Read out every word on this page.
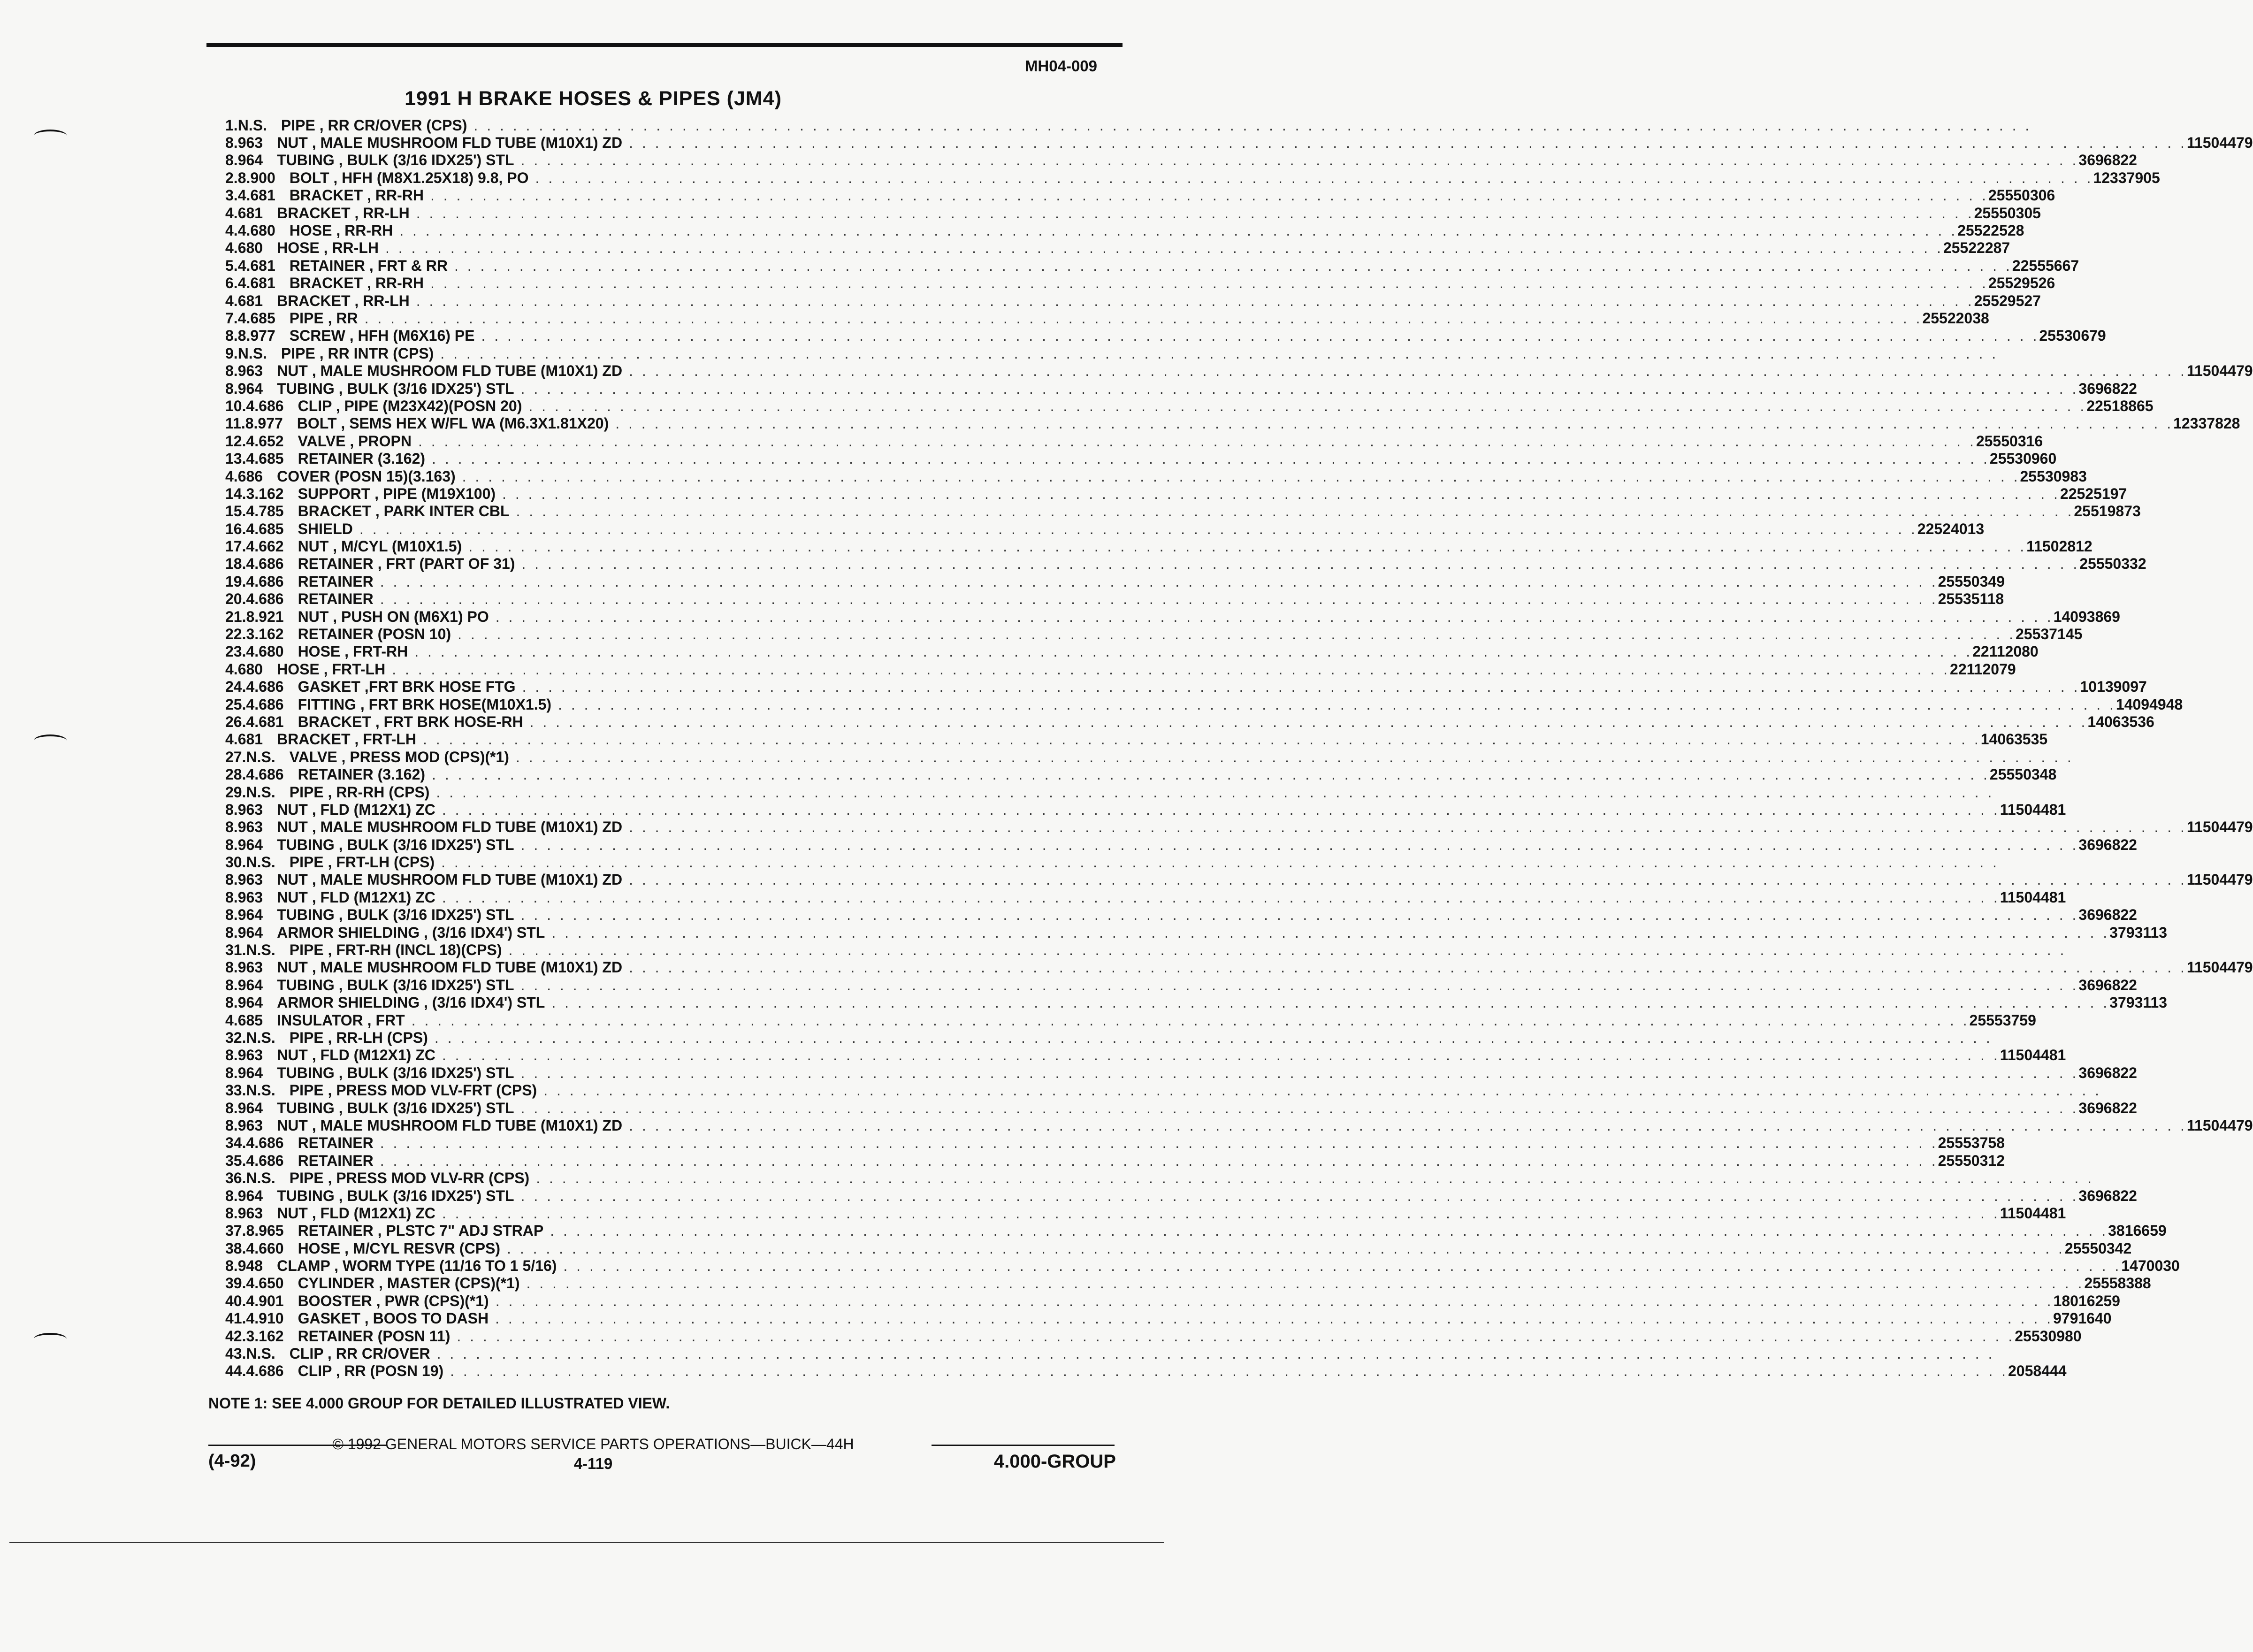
MH04-009
1991 H BRAKE HOSES & PIPES (JM4)
1. N.S. PIPE , RR CR/OVER (CPS) . . . . . . . . . . . . . . . . . . . . . . . . . . . . . . . . . . . . . . . . . . . . . . . . . . . . . . . . . . . . . . . . . . . . . . . . . . . . . . . . . . . . . . . . . . . . . . . . . . . . . . . . . . . . . . . . . . . . . . . .
8.963 NUT , MALE MUSHROOM FLD TUBE (M10X1) ZD . . . . . . . . . . . . . . . . . . . . . . . . . . . . . . . . . . . . . . . . . . . . . . . . . . . . . . . . . . . . . . . . . . . . . . . . . . . . . . . . . . . . . . . . . . . . . . . . . . . . . . . . . . . . . . . . . . . . . . . . 11504479
8.964 TUBING , BULK (3/16 IDX25') STL . . . . . . . . . . . . . . . . . . . . . . . . . . . . . . . . . . . . . . . . . . . . . . . . . . . . . . . . . . . . . . . . . . . . . . . . . . . . . . . . . . . . . . . . . . . . . . . . . . . . . . . . . . . . . . . . . . . . . . . . 3696822
2. 8.900 BOLT , HFH (M8X1.25X18) 9.8, PO . . . . . . . . . . . . . . . . . . . . . . . . . . . . . . . . . . . . . . . . . . . . . . . . . . . . . . . . . . . . . . . . . . . . . . . . . . . . . . . . . . . . . . . . . . . . . . . . . . . . . . . . . . . . . . . . . . . . . . . . 12337905
3. 4.681 BRACKET , RR-RH . . . . . . . . . . . . . . . . . . . . . . . . . . . . . . . . . . . . . . . . . . . . . . . . . . . . . . . . . . . . . . . . . . . . . . . . . . . . . . . . . . . . . . . . . . . . . . . . . . . . . . . . . . . . . . . . . . . . . . . . 25550306
4.681 BRACKET , RR-LH . . . . . . . . . . . . . . . . . . . . . . . . . . . . . . . . . . . . . . . . . . . . . . . . . . . . . . . . . . . . . . . . . . . . . . . . . . . . . . . . . . . . . . . . . . . . . . . . . . . . . . . . . . . . . . . . . . . . . . . . 25550305
4. 4.680 HOSE , RR-RH . . . . . . . . . . . . . . . . . . . . . . . . . . . . . . . . . . . . . . . . . . . . . . . . . . . . . . . . . . . . . . . . . . . . . . . . . . . . . . . . . . . . . . . . . . . . . . . . . . . . . . . . . . . . . . . . . . . . . . . . 25522528
4.680 HOSE , RR-LH . . . . . . . . . . . . . . . . . . . . . . . . . . . . . . . . . . . . . . . . . . . . . . . . . . . . . . . . . . . . . . . . . . . . . . . . . . . . . . . . . . . . . . . . . . . . . . . . . . . . . . . . . . . . . . . . . . . . . . . . 25522287
5. 4.681 RETAINER , FRT & RR . . . . . . . . . . . . . . . . . . . . . . . . . . . . . . . . . . . . . . . . . . . . . . . . . . . . . . . . . . . . . . . . . . . . . . . . . . . . . . . . . . . . . . . . . . . . . . . . . . . . . . . . . . . . . . . . . . . . . . . . 22555667
6. 4.681 BRACKET , RR-RH . . . . . . . . . . . . . . . . . . . . . . . . . . . . . . . . . . . . . . . . . . . . . . . . . . . . . . . . . . . . . . . . . . . . . . . . . . . . . . . . . . . . . . . . . . . . . . . . . . . . . . . . . . . . . . . . . . . . . . . . 25529526
4.681 BRACKET , RR-LH . . . . . . . . . . . . . . . . . . . . . . . . . . . . . . . . . . . . . . . . . . . . . . . . . . . . . . . . . . . . . . . . . . . . . . . . . . . . . . . . . . . . . . . . . . . . . . . . . . . . . . . . . . . . . . . . . . . . . . . . 25529527
7. 4.685 PIPE , RR . . . . . . . . . . . . . . . . . . . . . . . . . . . . . . . . . . . . . . . . . . . . . . . . . . . . . . . . . . . . . . . . . . . . . . . . . . . . . . . . . . . . . . . . . . . . . . . . . . . . . . . . . . . . . . . . . . . . . . . . 25522038
8. 8.977 SCREW , HFH (M6X16) PE . . . . . . . . . . . . . . . . . . . . . . . . . . . . . . . . . . . . . . . . . . . . . . . . . . . . . . . . . . . . . . . . . . . . . . . . . . . . . . . . . . . . . . . . . . . . . . . . . . . . . . . . . . . . . . . . . . . . . . . . 25530679
9. N.S. PIPE , RR INTR (CPS) . . . . . . . . . . . . . . . . . . . . . . . . . . . . . . . . . . . . . . . . . . . . . . . . . . . . . . . . . . . . . . . . . . . . . . . . . . . . . . . . . . . . . . . . . . . . . . . . . . . . . . . . . . . . . . . . . . . . . . . .
8.963 NUT , MALE MUSHROOM FLD TUBE (M10X1) ZD . . . . . . . . . . . . . . . . . . . . . . . . . . . . . . . . . . . . . . . . . . . . . . . . . . . . . . . . . . . . . . . . . . . . . . . . . . . . . . . . . . . . . . . . . . . . . . . . . . . . . . . . . . . . . . . . . . . . . . . . 11504479
8.964 TUBING , BULK (3/16 IDX25') STL . . . . . . . . . . . . . . . . . . . . . . . . . . . . . . . . . . . . . . . . . . . . . . . . . . . . . . . . . . . . . . . . . . . . . . . . . . . . . . . . . . . . . . . . . . . . . . . . . . . . . . . . . . . . . . . . . . . . . . . . 3696822
10. 4.686 CLIP , PIPE (M23X42)(POSN 20) . . . . . . . . . . . . . . . . . . . . . . . . . . . . . . . . . . . . . . . . . . . . . . . . . . . . . . . . . . . . . . . . . . . . . . . . . . . . . . . . . . . . . . . . . . . . . . . . . . . . . . . . . . . . . . . . . . . . . . . . 22518865
11. 8.977 BOLT , SEMS HEX W/FL WA (M6.3X1.81X20) . . . . . . . . . . . . . . . . . . . . . . . . . . . . . . . . . . . . . . . . . . . . . . . . . . . . . . . . . . . . . . . . . . . . . . . . . . . . . . . . . . . . . . . . . . . . . . . . . . . . . . . . . . . . . . . . . . . . . . . . 12337828
12. 4.652 VALVE , PROPN . . . . . . . . . . . . . . . . . . . . . . . . . . . . . . . . . . . . . . . . . . . . . . . . . . . . . . . . . . . . . . . . . . . . . . . . . . . . . . . . . . . . . . . . . . . . . . . . . . . . . . . . . . . . . . . . . . . . . . . . 25550316
13. 4.685 RETAINER (3.162) . . . . . . . . . . . . . . . . . . . . . . . . . . . . . . . . . . . . . . . . . . . . . . . . . . . . . . . . . . . . . . . . . . . . . . . . . . . . . . . . . . . . . . . . . . . . . . . . . . . . . . . . . . . . . . . . . . . . . . . . 25530960
4.686 COVER (POSN 15)(3.163) . . . . . . . . . . . . . . . . . . . . . . . . . . . . . . . . . . . . . . . . . . . . . . . . . . . . . . . . . . . . . . . . . . . . . . . . . . . . . . . . . . . . . . . . . . . . . . . . . . . . . . . . . . . . . . . . . . . . . . . . 25530983
14. 3.162 SUPPORT , PIPE (M19X100) . . . . . . . . . . . . . . . . . . . . . . . . . . . . . . . . . . . . . . . . . . . . . . . . . . . . . . . . . . . . . . . . . . . . . . . . . . . . . . . . . . . . . . . . . . . . . . . . . . . . . . . . . . . . . . . . . . . . . . . . 22525197
15. 4.785 BRACKET , PARK INTER CBL . . . . . . . . . . . . . . . . . . . . . . . . . . . . . . . . . . . . . . . . . . . . . . . . . . . . . . . . . . . . . . . . . . . . . . . . . . . . . . . . . . . . . . . . . . . . . . . . . . . . . . . . . . . . . . . . . . . . . . . . 25519873
16. 4.685 SHIELD . . . . . . . . . . . . . . . . . . . . . . . . . . . . . . . . . . . . . . . . . . . . . . . . . . . . . . . . . . . . . . . . . . . . . . . . . . . . . . . . . . . . . . . . . . . . . . . . . . . . . . . . . . . . . . . . . . . . . . . . 22524013
17. 4.662 NUT , M/CYL (M10X1.5) . . . . . . . . . . . . . . . . . . . . . . . . . . . . . . . . . . . . . . . . . . . . . . . . . . . . . . . . . . . . . . . . . . . . . . . . . . . . . . . . . . . . . . . . . . . . . . . . . . . . . . . . . . . . . . . . . . . . . . . . 11502812
18. 4.686 RETAINER , FRT (PART OF 31) . . . . . . . . . . . . . . . . . . . . . . . . . . . . . . . . . . . . . . . . . . . . . . . . . . . . . . . . . . . . . . . . . . . . . . . . . . . . . . . . . . . . . . . . . . . . . . . . . . . . . . . . . . . . . . . . . . . . . . . . 25550332
19. 4.686 RETAINER . . . . . . . . . . . . . . . . . . . . . . . . . . . . . . . . . . . . . . . . . . . . . . . . . . . . . . . . . . . . . . . . . . . . . . . . . . . . . . . . . . . . . . . . . . . . . . . . . . . . . . . . . . . . . . . . . . . . . . . . 25550349
20. 4.686 RETAINER . . . . . . . . . . . . . . . . . . . . . . . . . . . . . . . . . . . . . . . . . . . . . . . . . . . . . . . . . . . . . . . . . . . . . . . . . . . . . . . . . . . . . . . . . . . . . . . . . . . . . . . . . . . . . . . . . . . . . . . . 25535118
21. 8.921 NUT , PUSH ON (M6X1) PO . . . . . . . . . . . . . . . . . . . . . . . . . . . . . . . . . . . . . . . . . . . . . . . . . . . . . . . . . . . . . . . . . . . . . . . . . . . . . . . . . . . . . . . . . . . . . . . . . . . . . . . . . . . . . . . . . . . . . . . . 14093869
22. 3.162 RETAINER (POSN 10) . . . . . . . . . . . . . . . . . . . . . . . . . . . . . . . . . . . . . . . . . . . . . . . . . . . . . . . . . . . . . . . . . . . . . . . . . . . . . . . . . . . . . . . . . . . . . . . . . . . . . . . . . . . . . . . . . . . . . . . . 25537145
23. 4.680 HOSE , FRT-RH . . . . . . . . . . . . . . . . . . . . . . . . . . . . . . . . . . . . . . . . . . . . . . . . . . . . . . . . . . . . . . . . . . . . . . . . . . . . . . . . . . . . . . . . . . . . . . . . . . . . . . . . . . . . . . . . . . . . . . . . 22112080
4.680 HOSE , FRT-LH . . . . . . . . . . . . . . . . . . . . . . . . . . . . . . . . . . . . . . . . . . . . . . . . . . . . . . . . . . . . . . . . . . . . . . . . . . . . . . . . . . . . . . . . . . . . . . . . . . . . . . . . . . . . . . . . . . . . . . . . 22112079
24. 4.686 GASKET ,FRT BRK HOSE FTG . . . . . . . . . . . . . . . . . . . . . . . . . . . . . . . . . . . . . . . . . . . . . . . . . . . . . . . . . . . . . . . . . . . . . . . . . . . . . . . . . . . . . . . . . . . . . . . . . . . . . . . . . . . . . . . . . . . . . . . . 10139097
25. 4.686 FITTING , FRT BRK HOSE(M10X1.5) . . . . . . . . . . . . . . . . . . . . . . . . . . . . . . . . . . . . . . . . . . . . . . . . . . . . . . . . . . . . . . . . . . . . . . . . . . . . . . . . . . . . . . . . . . . . . . . . . . . . . . . . . . . . . . . . . . . . . . . . 14094948
26. 4.681 BRACKET , FRT BRK HOSE-RH . . . . . . . . . . . . . . . . . . . . . . . . . . . . . . . . . . . . . . . . . . . . . . . . . . . . . . . . . . . . . . . . . . . . . . . . . . . . . . . . . . . . . . . . . . . . . . . . . . . . . . . . . . . . . . . . . . . . . . . . 14063536
4.681 BRACKET , FRT-LH . . . . . . . . . . . . . . . . . . . . . . . . . . . . . . . . . . . . . . . . . . . . . . . . . . . . . . . . . . . . . . . . . . . . . . . . . . . . . . . . . . . . . . . . . . . . . . . . . . . . . . . . . . . . . . . . . . . . . . . . 14063535
27. N.S. VALVE , PRESS MOD (CPS)(*1) . . . . . . . . . . . . . . . . . . . . . . . . . . . . . . . . . . . . . . . . . . . . . . . . . . . . . . . . . . . . . . . . . . . . . . . . . . . . . . . . . . . . . . . . . . . . . . . . . . . . . . . . . . . . . . . . . . . . . . . .
28. 4.686 RETAINER (3.162) . . . . . . . . . . . . . . . . . . . . . . . . . . . . . . . . . . . . . . . . . . . . . . . . . . . . . . . . . . . . . . . . . . . . . . . . . . . . . . . . . . . . . . . . . . . . . . . . . . . . . . . . . . . . . . . . . . . . . . . . 25550348
29. N.S. PIPE , RR-RH (CPS) . . . . . . . . . . . . . . . . . . . . . . . . . . . . . . . . . . . . . . . . . . . . . . . . . . . . . . . . . . . . . . . . . . . . . . . . . . . . . . . . . . . . . . . . . . . . . . . . . . . . . . . . . . . . . . . . . . . . . . . .
8.963 NUT , FLD (M12X1) ZC . . . . . . . . . . . . . . . . . . . . . . . . . . . . . . . . . . . . . . . . . . . . . . . . . . . . . . . . . . . . . . . . . . . . . . . . . . . . . . . . . . . . . . . . . . . . . . . . . . . . . . . . . . . . . . . . . . . . . . . . 11504481
8.963 NUT , MALE MUSHROOM FLD TUBE (M10X1) ZD . . . . . . . . . . . . . . . . . . . . . . . . . . . . . . . . . . . . . . . . . . . . . . . . . . . . . . . . . . . . . . . . . . . . . . . . . . . . . . . . . . . . . . . . . . . . . . . . . . . . . . . . . . . . . . . . . . . . . . . . 11504479
8.964 TUBING , BULK (3/16 IDX25') STL . . . . . . . . . . . . . . . . . . . . . . . . . . . . . . . . . . . . . . . . . . . . . . . . . . . . . . . . . . . . . . . . . . . . . . . . . . . . . . . . . . . . . . . . . . . . . . . . . . . . . . . . . . . . . . . . . . . . . . . . 3696822
30. N.S. PIPE , FRT-LH (CPS) . . . . . . . . . . . . . . . . . . . . . . . . . . . . . . . . . . . . . . . . . . . . . . . . . . . . . . . . . . . . . . . . . . . . . . . . . . . . . . . . . . . . . . . . . . . . . . . . . . . . . . . . . . . . . . . . . . . . . . . .
8.963 NUT , MALE MUSHROOM FLD TUBE (M10X1) ZD . . . . . . . . . . . . . . . . . . . . . . . . . . . . . . . . . . . . . . . . . . . . . . . . . . . . . . . . . . . . . . . . . . . . . . . . . . . . . . . . . . . . . . . . . . . . . . . . . . . . . . . . . . . . . . . . . . . . . . . . 11504479
8.963 NUT , FLD (M12X1) ZC . . . . . . . . . . . . . . . . . . . . . . . . . . . . . . . . . . . . . . . . . . . . . . . . . . . . . . . . . . . . . . . . . . . . . . . . . . . . . . . . . . . . . . . . . . . . . . . . . . . . . . . . . . . . . . . . . . . . . . . . 11504481
8.964 TUBING , BULK (3/16 IDX25') STL . . . . . . . . . . . . . . . . . . . . . . . . . . . . . . . . . . . . . . . . . . . . . . . . . . . . . . . . . . . . . . . . . . . . . . . . . . . . . . . . . . . . . . . . . . . . . . . . . . . . . . . . . . . . . . . . . . . . . . . . 3696822
8.964 ARMOR SHIELDING , (3/16 IDX4') STL . . . . . . . . . . . . . . . . . . . . . . . . . . . . . . . . . . . . . . . . . . . . . . . . . . . . . . . . . . . . . . . . . . . . . . . . . . . . . . . . . . . . . . . . . . . . . . . . . . . . . . . . . . . . . . . . . . . . . . . . 3793113
31. N.S. PIPE , FRT-RH (INCL 18)(CPS) . . . . . . . . . . . . . . . . . . . . . . . . . . . . . . . . . . . . . . . . . . . . . . . . . . . . . . . . . . . . . . . . . . . . . . . . . . . . . . . . . . . . . . . . . . . . . . . . . . . . . . . . . . . . . . . . . . . . . . . .
8.963 NUT , MALE MUSHROOM FLD TUBE (M10X1) ZD . . . . . . . . . . . . . . . . . . . . . . . . . . . . . . . . . . . . . . . . . . . . . . . . . . . . . . . . . . . . . . . . . . . . . . . . . . . . . . . . . . . . . . . . . . . . . . . . . . . . . . . . . . . . . . . . . . . . . . . . 11504479
8.964 TUBING , BULK (3/16 IDX25') STL . . . . . . . . . . . . . . . . . . . . . . . . . . . . . . . . . . . . . . . . . . . . . . . . . . . . . . . . . . . . . . . . . . . . . . . . . . . . . . . . . . . . . . . . . . . . . . . . . . . . . . . . . . . . . . . . . . . . . . . . 3696822
8.964 ARMOR SHIELDING , (3/16 IDX4') STL . . . . . . . . . . . . . . . . . . . . . . . . . . . . . . . . . . . . . . . . . . . . . . . . . . . . . . . . . . . . . . . . . . . . . . . . . . . . . . . . . . . . . . . . . . . . . . . . . . . . . . . . . . . . . . . . . . . . . . . . 3793113
4.685 INSULATOR , FRT . . . . . . . . . . . . . . . . . . . . . . . . . . . . . . . . . . . . . . . . . . . . . . . . . . . . . . . . . . . . . . . . . . . . . . . . . . . . . . . . . . . . . . . . . . . . . . . . . . . . . . . . . . . . . . . . . . . . . . . . 25553759
32. N.S. PIPE , RR-LH (CPS) . . . . . . . . . . . . . . . . . . . . . . . . . . . . . . . . . . . . . . . . . . . . . . . . . . . . . . . . . . . . . . . . . . . . . . . . . . . . . . . . . . . . . . . . . . . . . . . . . . . . . . . . . . . . . . . . . . . . . . . .
8.963 NUT , FLD (M12X1) ZC . . . . . . . . . . . . . . . . . . . . . . . . . . . . . . . . . . . . . . . . . . . . . . . . . . . . . . . . . . . . . . . . . . . . . . . . . . . . . . . . . . . . . . . . . . . . . . . . . . . . . . . . . . . . . . . . . . . . . . . . 11504481
8.964 TUBING , BULK (3/16 IDX25') STL . . . . . . . . . . . . . . . . . . . . . . . . . . . . . . . . . . . . . . . . . . . . . . . . . . . . . . . . . . . . . . . . . . . . . . . . . . . . . . . . . . . . . . . . . . . . . . . . . . . . . . . . . . . . . . . . . . . . . . . . 3696822
33. N.S. PIPE , PRESS MOD VLV-FRT (CPS) . . . . . . . . . . . . . . . . . . . . . . . . . . . . . . . . . . . . . . . . . . . . . . . . . . . . . . . . . . . . . . . . . . . . . . . . . . . . . . . . . . . . . . . . . . . . . . . . . . . . . . . . . . . . . . . . . . . . . . . .
8.964 TUBING , BULK (3/16 IDX25') STL . . . . . . . . . . . . . . . . . . . . . . . . . . . . . . . . . . . . . . . . . . . . . . . . . . . . . . . . . . . . . . . . . . . . . . . . . . . . . . . . . . . . . . . . . . . . . . . . . . . . . . . . . . . . . . . . . . . . . . . . 3696822
8.963 NUT , MALE MUSHROOM FLD TUBE (M10X1) ZD . . . . . . . . . . . . . . . . . . . . . . . . . . . . . . . . . . . . . . . . . . . . . . . . . . . . . . . . . . . . . . . . . . . . . . . . . . . . . . . . . . . . . . . . . . . . . . . . . . . . . . . . . . . . . . . . . . . . . . . . 11504479
34. 4.686 RETAINER . . . . . . . . . . . . . . . . . . . . . . . . . . . . . . . . . . . . . . . . . . . . . . . . . . . . . . . . . . . . . . . . . . . . . . . . . . . . . . . . . . . . . . . . . . . . . . . . . . . . . . . . . . . . . . . . . . . . . . . . 25553758
35. 4.686 RETAINER . . . . . . . . . . . . . . . . . . . . . . . . . . . . . . . . . . . . . . . . . . . . . . . . . . . . . . . . . . . . . . . . . . . . . . . . . . . . . . . . . . . . . . . . . . . . . . . . . . . . . . . . . . . . . . . . . . . . . . . . 25550312
36. N.S. PIPE , PRESS MOD VLV-RR (CPS) . . . . . . . . . . . . . . . . . . . . . . . . . . . . . . . . . . . . . . . . . . . . . . . . . . . . . . . . . . . . . . . . . . . . . . . . . . . . . . . . . . . . . . . . . . . . . . . . . . . . . . . . . . . . . . . . . . . . . . . .
8.964 TUBING , BULK (3/16 IDX25') STL . . . . . . . . . . . . . . . . . . . . . . . . . . . . . . . . . . . . . . . . . . . . . . . . . . . . . . . . . . . . . . . . . . . . . . . . . . . . . . . . . . . . . . . . . . . . . . . . . . . . . . . . . . . . . . . . . . . . . . . . 3696822
8.963 NUT , FLD (M12X1) ZC . . . . . . . . . . . . . . . . . . . . . . . . . . . . . . . . . . . . . . . . . . . . . . . . . . . . . . . . . . . . . . . . . . . . . . . . . . . . . . . . . . . . . . . . . . . . . . . . . . . . . . . . . . . . . . . . . . . . . . . . 11504481
37. 8.965 RETAINER , PLSTC 7" ADJ STRAP . . . . . . . . . . . . . . . . . . . . . . . . . . . . . . . . . . . . . . . . . . . . . . . . . . . . . . . . . . . . . . . . . . . . . . . . . . . . . . . . . . . . . . . . . . . . . . . . . . . . . . . . . . . . . . . . . . . . . . . . 3816659
38. 4.660 HOSE , M/CYL RESVR (CPS) . . . . . . . . . . . . . . . . . . . . . . . . . . . . . . . . . . . . . . . . . . . . . . . . . . . . . . . . . . . . . . . . . . . . . . . . . . . . . . . . . . . . . . . . . . . . . . . . . . . . . . . . . . . . . . . . . . . . . . . . 25550342
8.948 CLAMP , WORM TYPE (11/16 TO 1 5/16) . . . . . . . . . . . . . . . . . . . . . . . . . . . . . . . . . . . . . . . . . . . . . . . . . . . . . . . . . . . . . . . . . . . . . . . . . . . . . . . . . . . . . . . . . . . . . . . . . . . . . . . . . . . . . . . . . . . . . . . . 1470030
39. 4.650 CYLINDER , MASTER (CPS)(*1) . . . . . . . . . . . . . . . . . . . . . . . . . . . . . . . . . . . . . . . . . . . . . . . . . . . . . . . . . . . . . . . . . . . . . . . . . . . . . . . . . . . . . . . . . . . . . . . . . . . . . . . . . . . . . . . . . . . . . . . . 25558388
40. 4.901 BOOSTER , PWR (CPS)(*1) . . . . . . . . . . . . . . . . . . . . . . . . . . . . . . . . . . . . . . . . . . . . . . . . . . . . . . . . . . . . . . . . . . . . . . . . . . . . . . . . . . . . . . . . . . . . . . . . . . . . . . . . . . . . . . . . . . . . . . . . 18016259
41. 4.910 GASKET , BOOS TO DASH . . . . . . . . . . . . . . . . . . . . . . . . . . . . . . . . . . . . . . . . . . . . . . . . . . . . . . . . . . . . . . . . . . . . . . . . . . . . . . . . . . . . . . . . . . . . . . . . . . . . . . . . . . . . . . . . . . . . . . . . 9791640
42. 3.162 RETAINER (POSN 11) . . . . . . . . . . . . . . . . . . . . . . . . . . . . . . . . . . . . . . . . . . . . . . . . . . . . . . . . . . . . . . . . . . . . . . . . . . . . . . . . . . . . . . . . . . . . . . . . . . . . . . . . . . . . . . . . . . . . . . . . 25530980
43. N.S. CLIP , RR CR/OVER . . . . . . . . . . . . . . . . . . . . . . . . . . . . . . . . . . . . . . . . . . . . . . . . . . . . . . . . . . . . . . . . . . . . . . . . . . . . . . . . . . . . . . . . . . . . . . . . . . . . . . . . . . . . . . . . . . . . . . . .
44. 4.686 CLIP , RR (POSN 19) . . . . . . . . . . . . . . . . . . . . . . . . . . . . . . . . . . . . . . . . . . . . . . . . . . . . . . . . . . . . . . . . . . . . . . . . . . . . . . . . . . . . . . . . . . . . . . . . . . . . . . . . . . . . . . . . . . . . . . . . 2058444
NOTE 1: SEE 4.000 GROUP FOR DETAILED ILLUSTRATED VIEW.
© 1992 GENERAL MOTORS SERVICE PARTS OPERATIONS—BUICK—44H
(4-92)	4-119	4.000-GROUP
